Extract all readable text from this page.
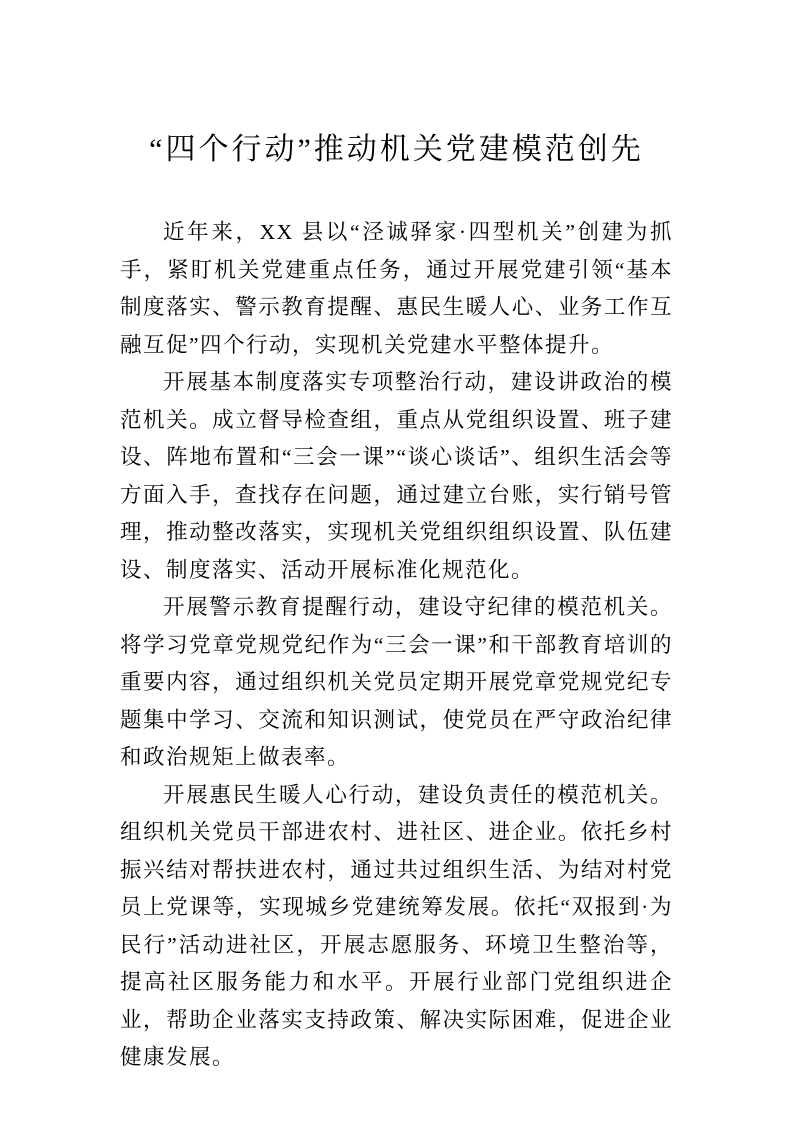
“四个行动”推动机关党建模范创先

近年来，XX 县以“泾诚驿家·四型机关”创建为抓手，紧盯机关党建重点任务，通过开展党建引领“基本制度落实、警示教育提醒、惠民生暖人心、业务工作互融互促”四个行动，实现机关党建水平整体提升。

开展基本制度落实专项整治行动，建设讲政治的模范机关。成立督导检查组，重点从党组织设置、班子建设、阵地布置和“三会一课”“谈心谈话”、组织生活会等方面入手，查找存在问题，通过建立台账，实行销号管理，推动整改落实，实现机关党组织组织设置、队伍建设、制度落实、活动开展标准化规范化。

开展警示教育提醒行动，建设守纪律的模范机关。将学习党章党规党纪作为“三会一课”和干部教育培训的重要内容，通过组织机关党员定期开展党章党规党纪专题集中学习、交流和知识测试，使党员在严守政治纪律和政治规矩上做表率。

开展惠民生暖人心行动，建设负责任的模范机关。组织机关党员干部进农村、进社区、进企业。依托乡村振兴结对帮扶进农村，通过共过组织生活、为结对村党员上党课等，实现城乡党建统筹发展。依托“双报到·为民行”活动进社区，开展志愿服务、环境卫生整治等，提高社区服务能力和水平。开展行业部门党组织进企业，帮助企业落实支持政策、解决实际困难，促进企业健康发展。
